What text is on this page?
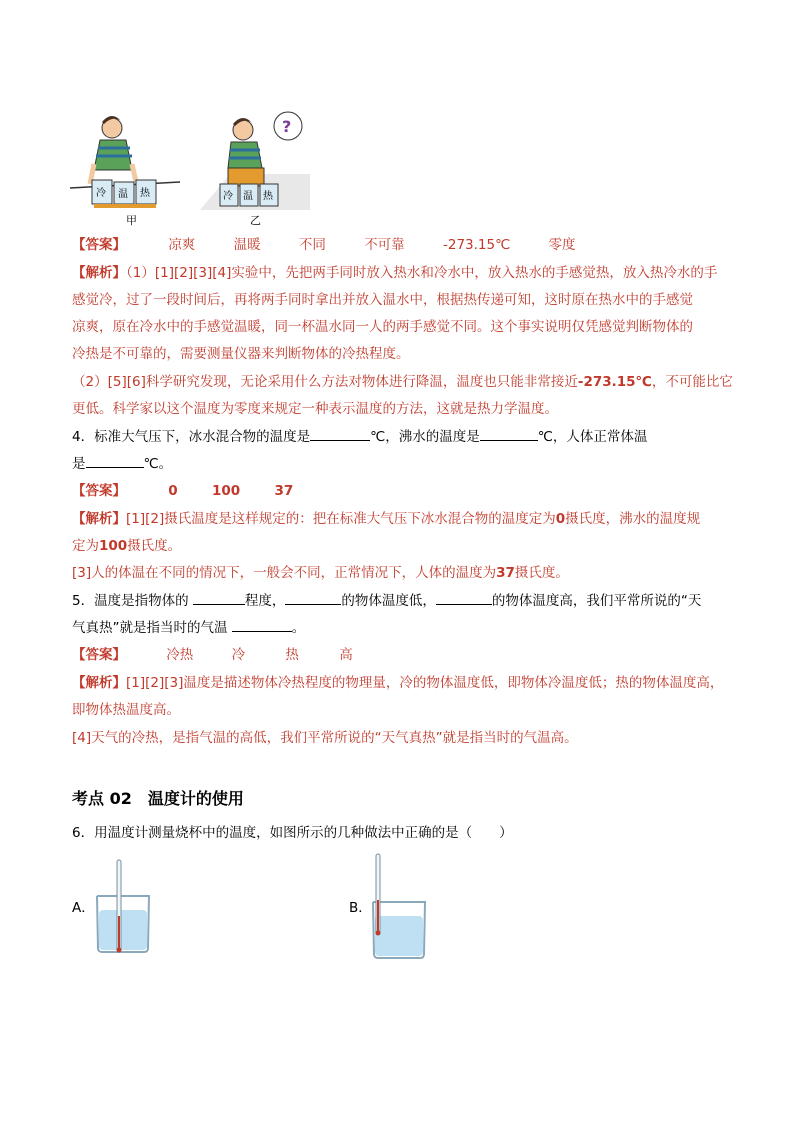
冷 温 热
?
冷 温 热
甲	乙
【答案】	凉爽	温暖	不同	不可靠	-273.15℃	零度
【解析】（1）[1][2][3][4]实验中，先把两手同时放入热水和冷水中，放入热水的手感觉热，放入热冷水的手
感觉冷，过了一段时间后，再将两手同时拿出并放入温水中，根据热传递可知，这时原在热水中的手感觉
凉爽，原在冷水中的手感觉温暖，同一杯温水同一人的两手感觉不同。这个事实说明仅凭感觉判断物体的
冷热是不可靠的，需要测量仪器来判断物体的冷热程度。
（2）[5][6]科学研究发现，无论采用什么方法对物体进行降温，温度也只能非常接近-273.15℃，不可能比它
更低。科学家以这个温度为零度来规定一种表示温度的方法，这就是热力学温度。
4．标准大气压下，冰水混合物的温度是	℃，沸水的温度是	℃，人体正常体温
是	℃。
【答案】	0	100	37
【解析】[1][2]摄氏温度是这样规定的：把在标准大气压下冰水混合物的温度定为0摄氏度，沸水的温度规
定为100摄氏度。
[3]人的体温在不同的情况下，一般会不同，正常情况下，人体的温度为37摄氏度。
5．温度是指物体的	程度，	的物体温度低，	的物体温度高，我们平常所说的“天
气真热”就是指当时的气温	。
【答案】	冷热	冷	热	高
【解析】[1][2][3]温度是描述物体冷热程度的物理量，冷的物体温度低，即物体冷温度低；热的物体温度高，
即物体热温度高。
[4]天气的冷热，是指气温的高低，我们平常所说的“天气真热”就是指当时的气温高。
考点 02　温度计的使用
6．用温度计测量烧杯中的温度，如图所示的几种做法中正确的是（　　）
A．	B．
